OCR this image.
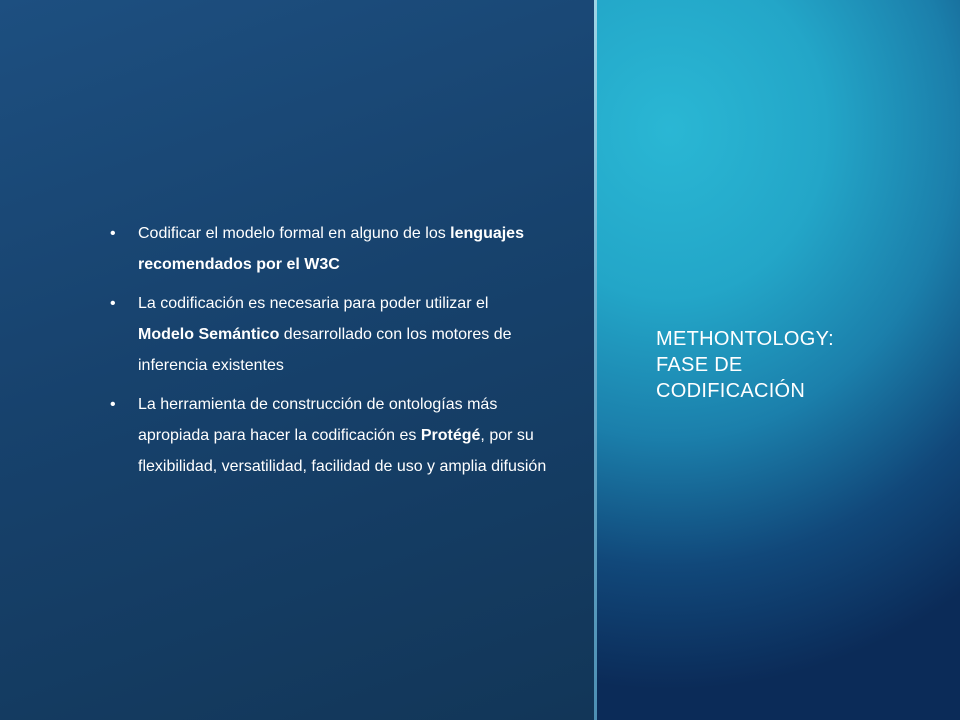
• Codificar el modelo formal en alguno de los lenguajes recomendados por el W3C
• La codificación es necesaria para poder utilizar el Modelo Semántico desarrollado con los motores de inferencia existentes
• La herramienta de construcción de ontologías más apropiada para hacer la codificación es Protégé, por su flexibilidad, versatilidad, facilidad de uso y amplia difusión
METHONTOLOGY:
FASE DE
CODIFICACIÓN
